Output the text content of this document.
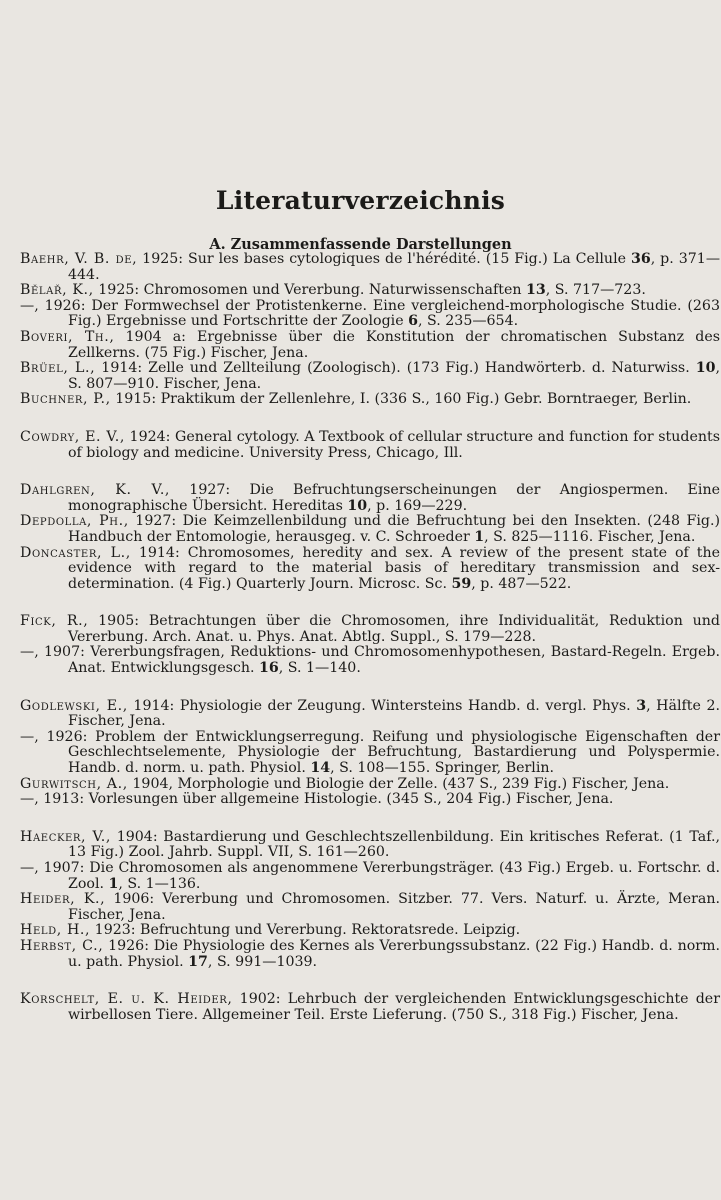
Literaturverzeichnis
A. Zusammenfassende Darstellungen
Baehr, V. B. de, 1925: Sur les bases cytologiques de l'hérédité. (15 Fig.) La Cellule 36, p. 371—444.
Bělař, K., 1925: Chromosomen und Vererbung. Naturwissenschaften 13, S. 717—723.
—, 1926: Der Formwechsel der Protistenkerne. Eine vergleichend-morphologische Studie. (263 Fig.) Ergebnisse und Fortschritte der Zoologie 6, S. 235—654.
Boveri, Th., 1904 a: Ergebnisse über die Konstitution der chromatischen Substanz des Zellkerns. (75 Fig.) Fischer, Jena.
Brüel, L., 1914: Zelle und Zellteilung (Zoologisch). (173 Fig.) Handwörterb. d. Naturwiss. 10, S. 807—910. Fischer, Jena.
Buchner, P., 1915: Praktikum der Zellenlehre, I. (336 S., 160 Fig.) Gebr. Borntraeger, Berlin.
Cowdry, E. V., 1924: General cytology. A Textbook of cellular structure and function for students of biology and medicine. University Press, Chicago, Ill.
Dahlgren, K. V., 1927: Die Befruchtungserscheinungen der Angiospermen. Eine monographische Übersicht. Hereditas 10, p. 169—229.
Depdolla, Ph., 1927: Die Keimzellenbildung und die Befruchtung bei den Insekten. (248 Fig.) Handbuch der Entomologie, herausgeg. v. C. Schroeder 1, S. 825—1116. Fischer, Jena.
Doncaster, L., 1914: Chromosomes, heredity and sex. A review of the present state of the evidence with regard to the material basis of hereditary transmission and sex-determination. (4 Fig.) Quarterly Journ. Microsc. Sc. 59, p. 487—522.
Fick, R., 1905: Betrachtungen über die Chromosomen, ihre Individualität, Reduktion und Vererbung. Arch. Anat. u. Phys. Anat. Abtlg. Suppl., S. 179—228.
—, 1907: Vererbungsfragen, Reduktions- und Chromosomenhypothesen, Bastard-Regeln. Ergeb. Anat. Entwicklungsgesch. 16, S. 1—140.
Godlewski, E., 1914: Physiologie der Zeugung. Wintersteins Handb. d. vergl. Phys. 3, Hälfte 2. Fischer, Jena.
—, 1926: Problem der Entwicklungserregung. Reifung und physiologische Eigenschaften der Geschlechtselemente, Physiologie der Befruchtung, Bastardierung und Polyspermie. Handb. d. norm. u. path. Physiol. 14, S. 108—155. Springer, Berlin.
Gurwitsch, A., 1904, Morphologie und Biologie der Zelle. (437 S., 239 Fig.) Fischer, Jena.
—, 1913: Vorlesungen über allgemeine Histologie. (345 S., 204 Fig.) Fischer, Jena.
Haecker, V., 1904: Bastardierung und Geschlechtszellenbildung. Ein kritisches Referat. (1 Taf., 13 Fig.) Zool. Jahrb. Suppl. VII, S. 161—260.
—, 1907: Die Chromosomen als angenommene Vererbungsträger. (43 Fig.) Ergeb. u. Fortschr. d. Zool. 1, S. 1—136.
Heider, K., 1906: Vererbung und Chromosomen. Sitzber. 77. Vers. Naturf. u. Ärzte, Meran. Fischer, Jena.
Held, H., 1923: Befruchtung und Vererbung. Rektoratsrede. Leipzig.
Herbst, C., 1926: Die Physiologie des Kernes als Vererbungssubstanz. (22 Fig.) Handb. d. norm. u. path. Physiol. 17, S. 991—1039.
Korschelt, E. u. K. Heider, 1902: Lehrbuch der vergleichenden Entwicklungsgeschichte der wirbellosen Tiere. Allgemeiner Teil. Erste Lieferung. (750 S., 318 Fig.) Fischer, Jena.
